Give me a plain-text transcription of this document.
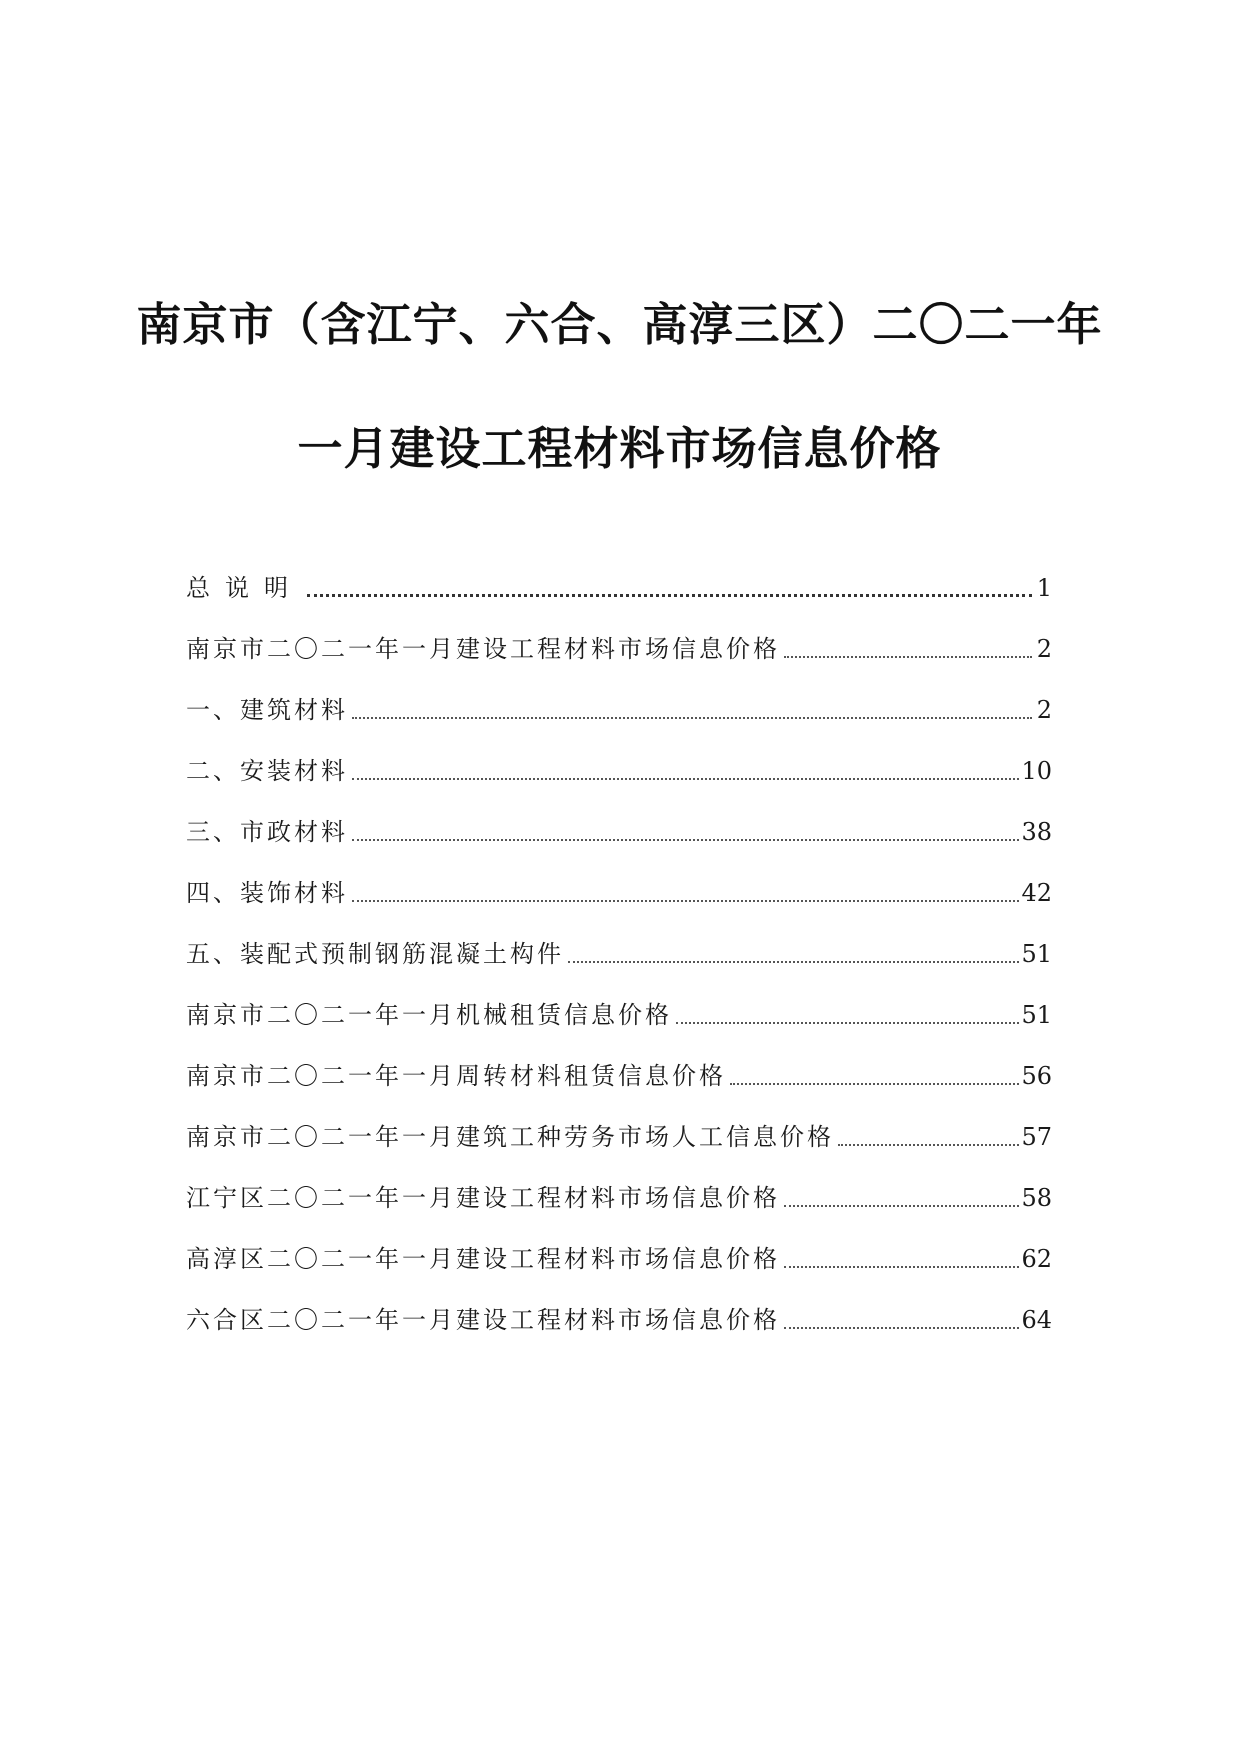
南京市（含江宁、六合、高淳三区）二〇二一年
一月建设工程材料市场信息价格
总说明	1
南京市二〇二一年一月建设工程材料市场信息价格	2
一、建筑材料	2
二、安装材料	10
三、市政材料	38
四、装饰材料	42
五、装配式预制钢筋混凝土构件	51
南京市二〇二一年一月机械租赁信息价格	51
南京市二〇二一年一月周转材料租赁信息价格	56
南京市二〇二一年一月建筑工种劳务市场人工信息价格	57
江宁区二〇二一年一月建设工程材料市场信息价格	58
高淳区二〇二一年一月建设工程材料市场信息价格	62
六合区二〇二一年一月建设工程材料市场信息价格	64
